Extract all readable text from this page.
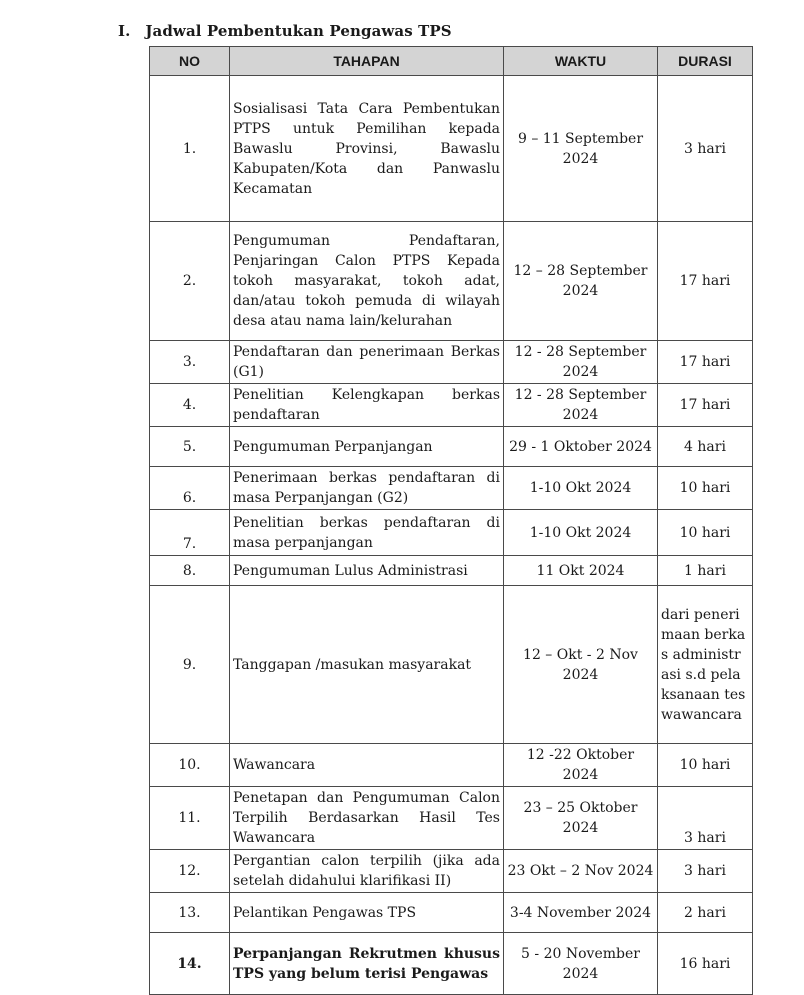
I. Jadwal Pembentukan Pengawas TPS
NO	TAHAPAN	WAKTU	DURASI
1.	Sosialisasi Tata Cara Pembentukan PTPS untuk Pemilihan kepada Bawaslu Provinsi, Bawaslu Kabupaten/Kota dan Panwaslu Kecamatan	9 – 11 September 2024	3 hari
2.	Pengumuman Pendaftaran, Penjaringan Calon PTPS Kepada tokoh masyarakat, tokoh adat, dan/atau tokoh pemuda di wilayah desa atau nama lain/kelurahan	12 – 28 September 2024	17 hari
3.	Pendaftaran dan penerimaan Berkas (G1)	12 - 28 September 2024	17 hari
4.	Penelitian Kelengkapan berkas pendaftaran	12 - 28 September 2024	17 hari
5.	Pengumuman Perpanjangan	29 - 1 Oktober 2024	4 hari
6.	Penerimaan berkas pendaftaran di masa Perpanjangan (G2)	1-10 Okt 2024	10 hari
7.	Penelitian berkas pendaftaran di masa perpanjangan	1-10 Okt 2024	10 hari
8.	Pengumuman Lulus Administrasi	11 Okt 2024	1 hari
9.	Tanggapan /masukan masyarakat	12 – Okt - 2 Nov 2024	dari penerimaan berkas administrasi s.d pelaksanaan tes wawancara
10.	Wawancara	12 -22 Oktober 2024	10 hari
11.	Penetapan dan Pengumuman Calon Terpilih Berdasarkan Hasil Tes Wawancara	23 – 25 Oktober 2024	3 hari
12.	Pergantian calon terpilih (jika ada setelah didahului klarifikasi II)	23 Okt – 2 Nov 2024	3 hari
13.	Pelantikan Pengawas TPS	3-4 November 2024	2 hari
14.	Perpanjangan Rekrutmen khusus TPS yang belum terisi Pengawas	5 - 20 November 2024	16 hari
